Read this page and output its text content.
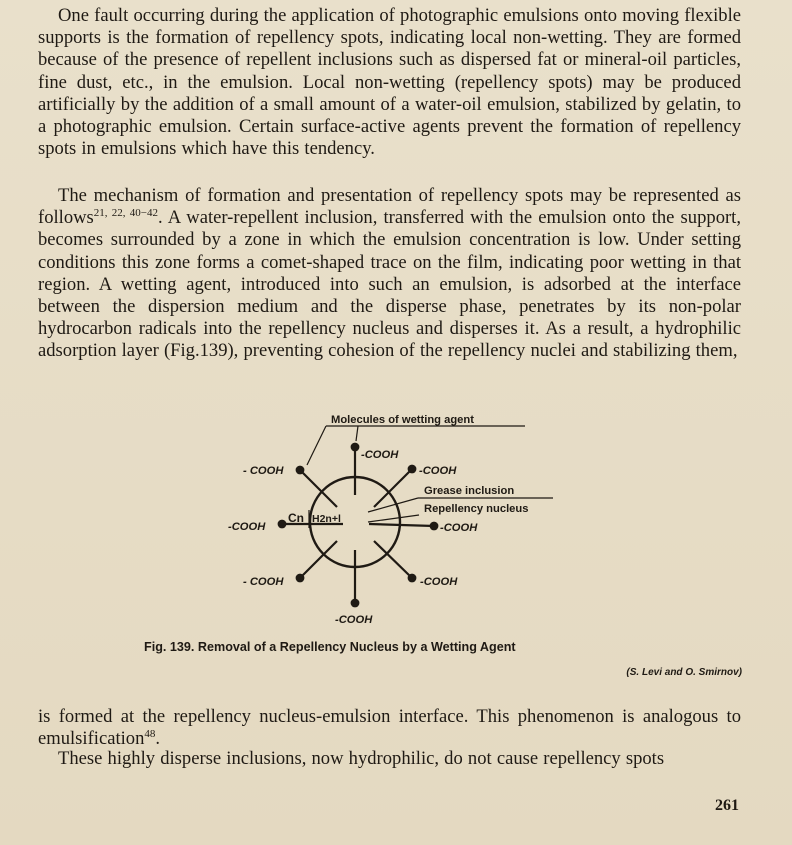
One fault occurring during the application of photographic emulsions onto moving flexible supports is the formation of repellency spots, indicating local non-wetting. They are formed because of the presence of repellent inclusions such as dispersed fat or mineral-oil particles, fine dust, etc., in the emulsion. Local non-wetting (repellency spots) may be produced artificially by the addition of a small amount of a water-oil emulsion, stabilized by gelatin, to a photographic emulsion. Certain surface-active agents prevent the formation of repellency spots in emulsions which have this tendency.

The mechanism of formation and presentation of repellency spots may be represented as follows$^{21, 22, 40-42}$. A water-repellent inclusion, transferred with the emulsion onto the support, becomes surrounded by a zone in which the emulsion concentration is low. Under setting conditions this zone forms a comet-shaped trace on the film, indicating poor wetting in that region. A wetting agent, introduced into such an emulsion, is adsorbed at the interface between the dispersion medium and the disperse phase, penetrates by its non-polar hydrocarbon radicals into the repellency nucleus and disperses it. As a result, a hydrophilic adsorption layer (Fig.139), preventing cohesion of the repellency nuclei and stabilizing them,

Molecules of wetting agent
Grease inclusion
Repellency nucleus
Cn H2n+l
-COOH
- COOH	-COOH
-COOH	-COOH
- COOH	-COOH
-COOH
Fig. 139. Removal of a Repellency Nucleus by a Wetting Agent
(S. Levi and O. Smirnov)

is formed at the repellency nucleus-emulsion interface. This phenomenon is analogous to emulsification$^{48}$.

These highly disperse inclusions, now hydrophilic, do not cause repellency spots

261
